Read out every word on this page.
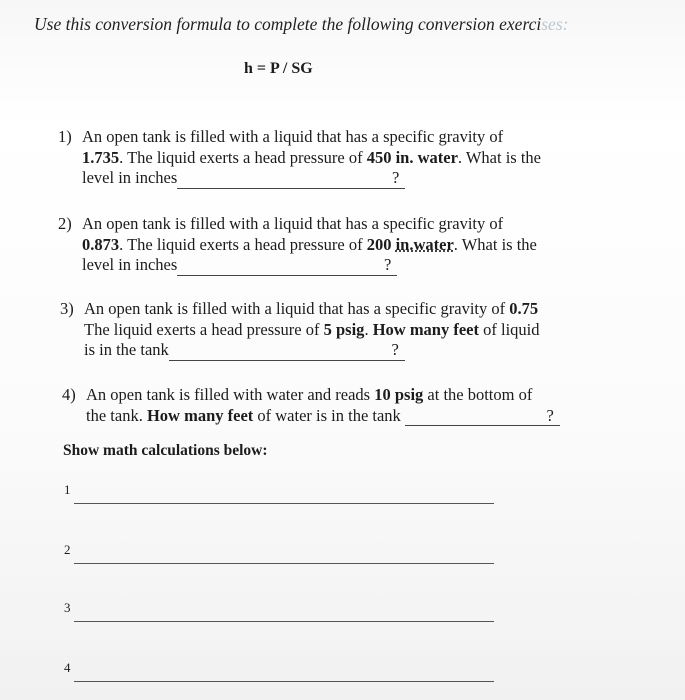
Use this conversion formula to complete the following conversion exercises:
h = P / SG
1) An open tank is filled with a liquid that has a specific gravity of
1.735. The liquid exerts a head pressure of 450 in. water. What is the
level in inches	?
2) An open tank is filled with a liquid that has a specific gravity of
0.873. The liquid exerts a head pressure of 200 in.water. What is the
level in inches	?
3) An open tank is filled with a liquid that has a specific gravity of 0.75
The liquid exerts a head pressure of 5 psig. How many feet of liquid
is in the tank	?
4) An open tank is filled with water and reads 10 psig at the bottom of
the tank. How many feet of water is in the tank	?
Show math calculations below:
1
2
3
4
